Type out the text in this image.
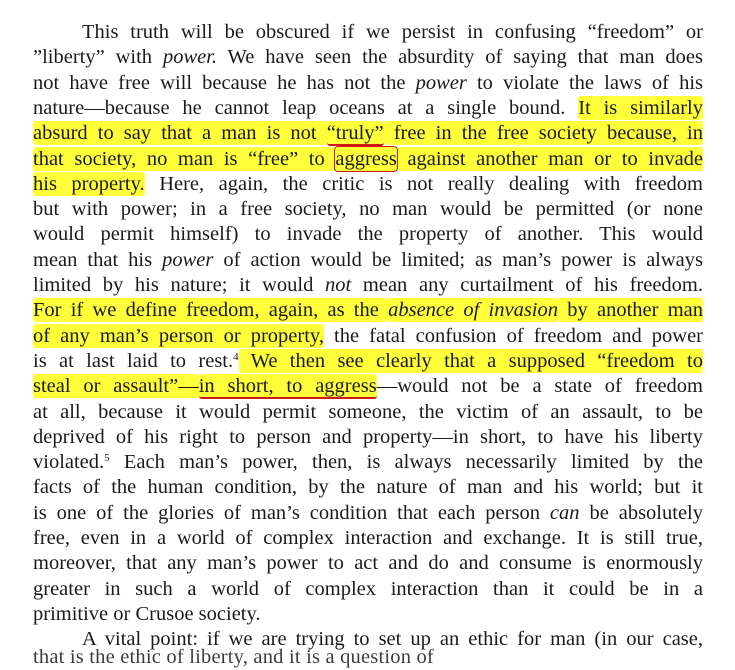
This truth will be obscured if we persist in confusing “freedom” or
”liberty” with power. We have seen the absurdity of saying that man does
not have free will because he has not the power to violate the laws of his
nature—because he cannot leap oceans at a single bound. It is similarly
absurd to say that a man is not “truly” free in the free society because, in
that society, no man is “free” to aggress against another man or to invade
his property. Here, again, the critic is not really dealing with freedom
but with power; in a free society, no man would be permitted (or none
would permit himself) to invade the property of another. This would
mean that his power of action would be limited; as man’s power is always
limited by his nature; it would not mean any curtailment of his freedom.
For if we define freedom, again, as the absence of invasion by another man
of any man’s person or property, the fatal confusion of freedom and power
is at last laid to rest.$^4$ We then see clearly that a supposed “freedom to
steal or assault”—in short, to aggress—would not be a state of freedom
at all, because it would permit someone, the victim of an assault, to be
deprived of his right to person and property—in short, to have his liberty
violated.$^5$ Each man’s power, then, is always necessarily limited by the
facts of the human condition, by the nature of man and his world; but it
is one of the glories of man’s condition that each person can be absolutely
free, even in a world of complex interaction and exchange. It is still true,
moreover, that any man’s power to act and do and consume is enormously
greater in such a world of complex interaction than it could be in a
primitive or Crusoe society.
A vital point: if we are trying to set up an ethic for man (in our case,
that is the ethic of liberty, and it is a question of
